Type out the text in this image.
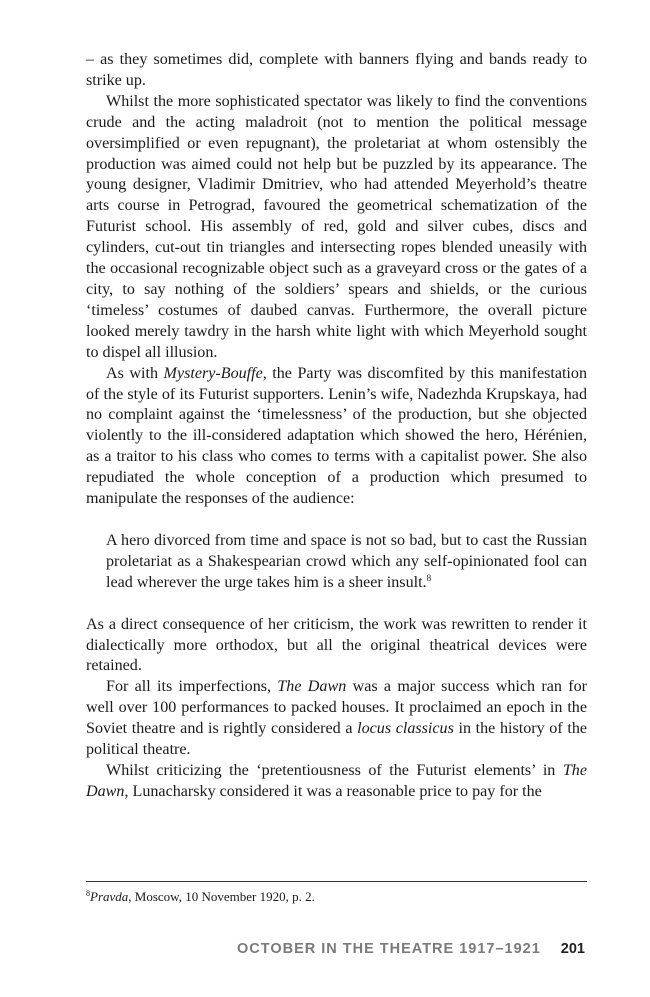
– as they sometimes did, complete with banners flying and bands ready to strike up.

Whilst the more sophisticated spectator was likely to find the conventions crude and the acting maladroit (not to mention the political message oversimplified or even repugnant), the proletariat at whom ostensibly the production was aimed could not help but be puzzled by its appearance. The young designer, Vladimir Dmitriev, who had attended Meyerhold’s theatre arts course in Petrograd, favoured the geometrical schematization of the Futurist school. His assembly of red, gold and silver cubes, discs and cylinders, cut-out tin triangles and intersecting ropes blended uneasily with the occasional recognizable object such as a graveyard cross or the gates of a city, to say nothing of the soldiers’ spears and shields, or the curious ‘timeless’ costumes of daubed canvas. Furthermore, the overall picture looked merely tawdry in the harsh white light with which Meyerhold sought to dispel all illusion.

As with Mystery-Bouffe, the Party was discomfited by this manifestation of the style of its Futurist supporters. Lenin’s wife, Nadezhda Krupskaya, had no complaint against the ‘timelessness’ of the production, but she objected violently to the ill-considered adaptation which showed the hero, Hérénien, as a traitor to his class who comes to terms with a capitalist power. She also repudiated the whole conception of a production which presumed to manipulate the responses of the audience:

A hero divorced from time and space is not so bad, but to cast the Russian proletariat as a Shakespearian crowd which any self-opinionated fool can lead wherever the urge takes him is a sheer insult.$^8$

As a direct consequence of her criticism, the work was rewritten to render it dialectically more orthodox, but all the original theatrical devices were retained.

For all its imperfections, The Dawn was a major success which ran for well over 100 performances to packed houses. It proclaimed an epoch in the Soviet theatre and is rightly considered a locus classicus in the history of the political theatre.

Whilst criticizing the ‘pretentiousness of the Futurist elements’ in The Dawn, Lunacharsky considered it was a reasonable price to pay for the

$^8$Pravda, Moscow, 10 November 1920, p. 2.

OCTOBER IN THE THEATRE 1917–1921 201
